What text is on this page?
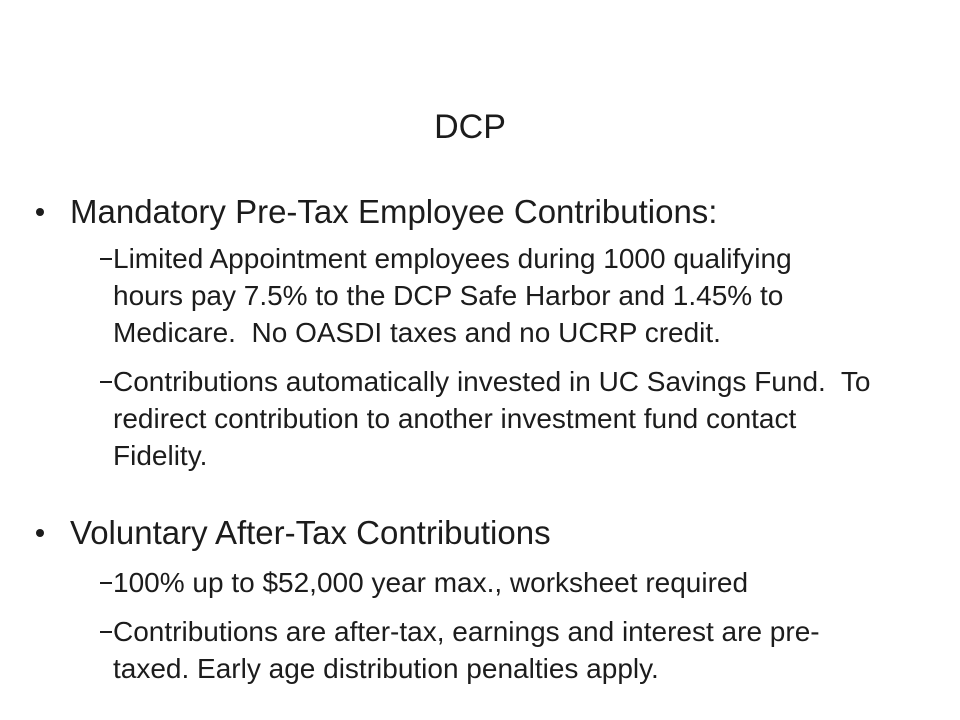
DCP
Mandatory Pre-Tax Employee Contributions:
Limited Appointment employees during 1000 qualifying
hours pay 7.5% to the DCP Safe Harbor and 1.45% to
Medicare.  No OASDI taxes and no UCRP credit.
Contributions automatically invested in UC Savings Fund.  To
redirect contribution to another investment fund contact
Fidelity.
Voluntary After-Tax Contributions
100% up to $52,000 year max., worksheet required
Contributions are after-tax, earnings and interest are pre-
taxed. Early age distribution penalties apply.
